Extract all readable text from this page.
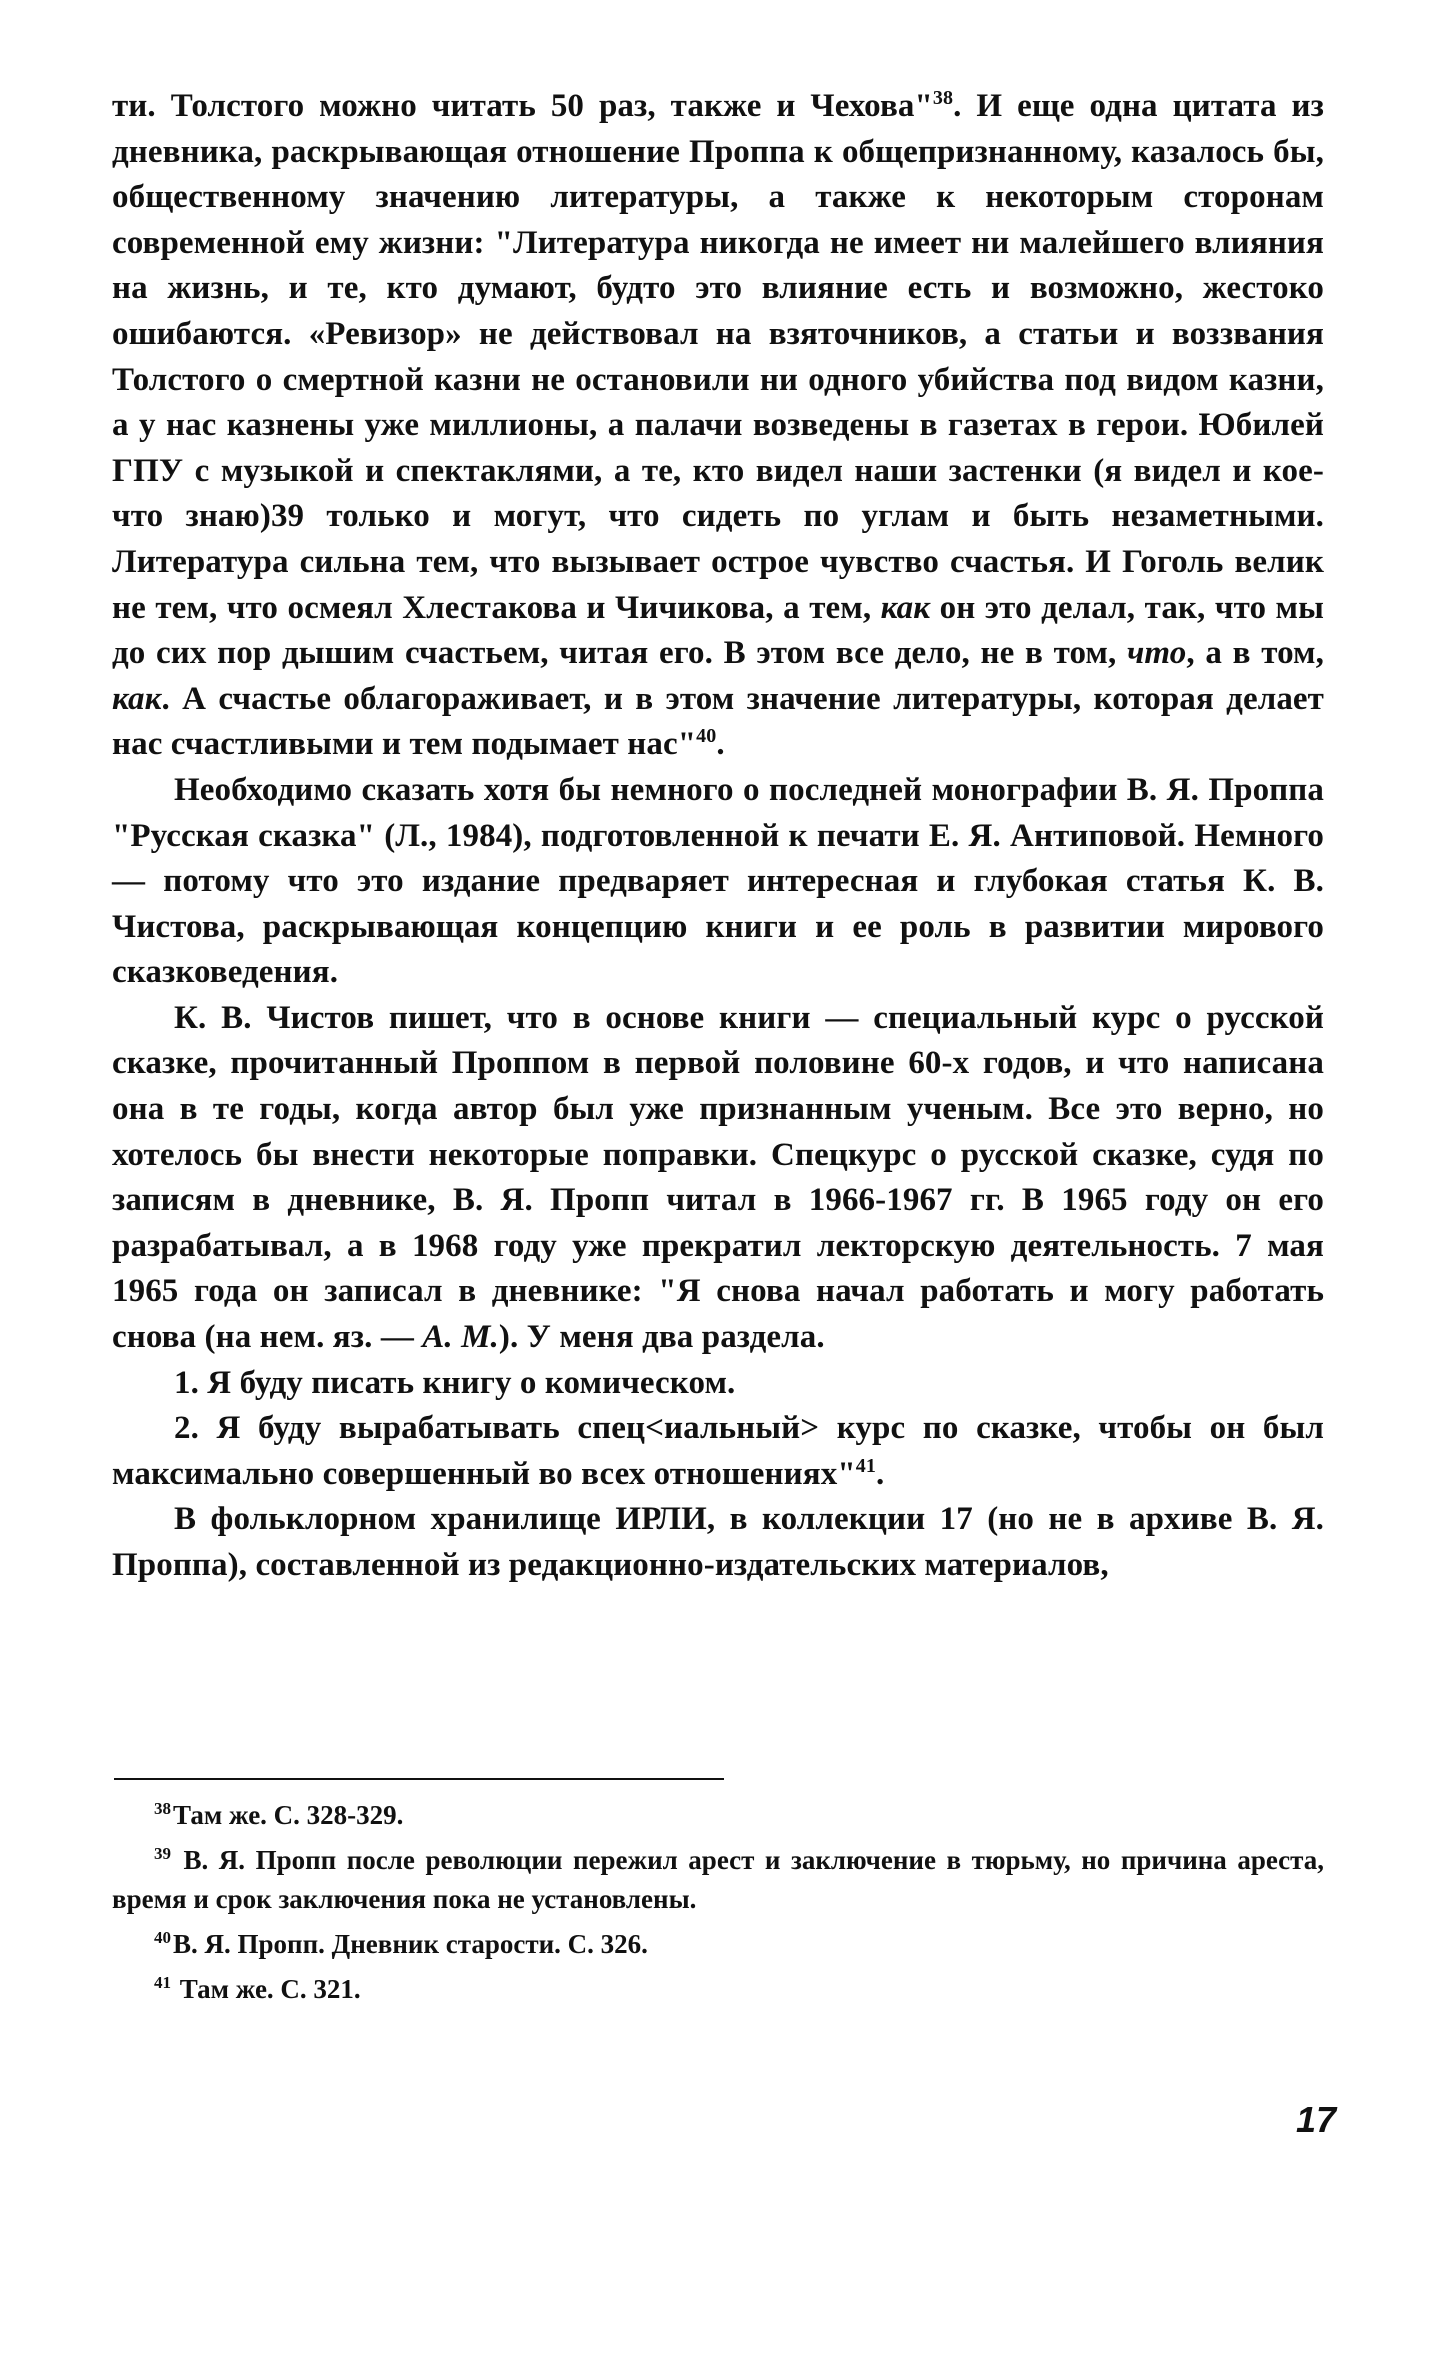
ти. Толстого можно читать 50 раз, также и Чехова"$^{38}$. И еще одна цитата из дневника, раскрывающая отношение Проппа к общепризнанному, казалось бы, общественному значению литературы, а также к некоторым сторонам современной ему жизни: "Литература никогда не имеет ни малейшего влияния на жизнь, и те, кто думают, будто это влияние есть и возможно, жестоко ошибаются. «Ревизор» не действовал на взяточников, а статьи и воззвания Толстого о смертной казни не остановили ни одного убийства под видом казни, а у нас казнены уже миллионы, а палачи возведены в газетах в герои. Юбилей ГПУ с музыкой и спектаклями, а те, кто видел наши застенки (я видел и кое-что знаю)39 только и могут, что сидеть по углам и быть незаметными. Литература сильна тем, что вызывает острое чувство счастья. И Гоголь велик не тем, что осмеял Хлестакова и Чичикова, а тем, как он это делал, так, что мы до сих пор дышим счастьем, читая его. В этом все дело, не в том, что, а в том, как. А счастье облагораживает, и в этом значение литературы, которая делает нас счастливыми и тем подымает нас"$^{40}$.

Необходимо сказать хотя бы немного о последней монографии В. Я. Проппа "Русская сказка" (Л., 1984), подготовленной к печати Е. Я. Антиповой. Немного — потому что это издание предваряет интересная и глубокая статья К. В. Чистова, раскрывающая концепцию книги и ее роль в развитии мирового сказковедения.

К. В. Чистов пишет, что в основе книги — специальный курс о русской сказке, прочитанный Проппом в первой половине 60-х годов, и что написана она в те годы, когда автор был уже признанным ученым. Все это верно, но хотелось бы внести некоторые поправки. Спецкурс о русской сказке, судя по записям в дневнике, В. Я. Пропп читал в 1966-1967 гг. В 1965 году он его разрабатывал, а в 1968 году уже прекратил лекторскую деятельность. 7 мая 1965 года он записал в дневнике: "Я снова начал работать и могу работать снова (на нем. яз. — А. М.). У меня два раздела.

1. Я буду писать книгу о комическом.

2. Я буду вырабатывать спец<иальный> курс по сказке, чтобы он был максимально совершенный во всех отношениях"$^{41}$.

В фольклорном хранилище ИРЛИ, в коллекции 17 (но не в архиве В. Я. Проппа), составленной из редакционно-издательских материалов,

$^{38}$Там же. С. 328-329.

$^{39}$ В. Я. Пропп после революции пережил арест и заключение в тюрьму, но причина ареста, время и срок заключения пока не установлены.

$^{40}$В. Я. Пропп. Дневник старости. С. 326.

$^{41}$ Там же. С. 321.

17
